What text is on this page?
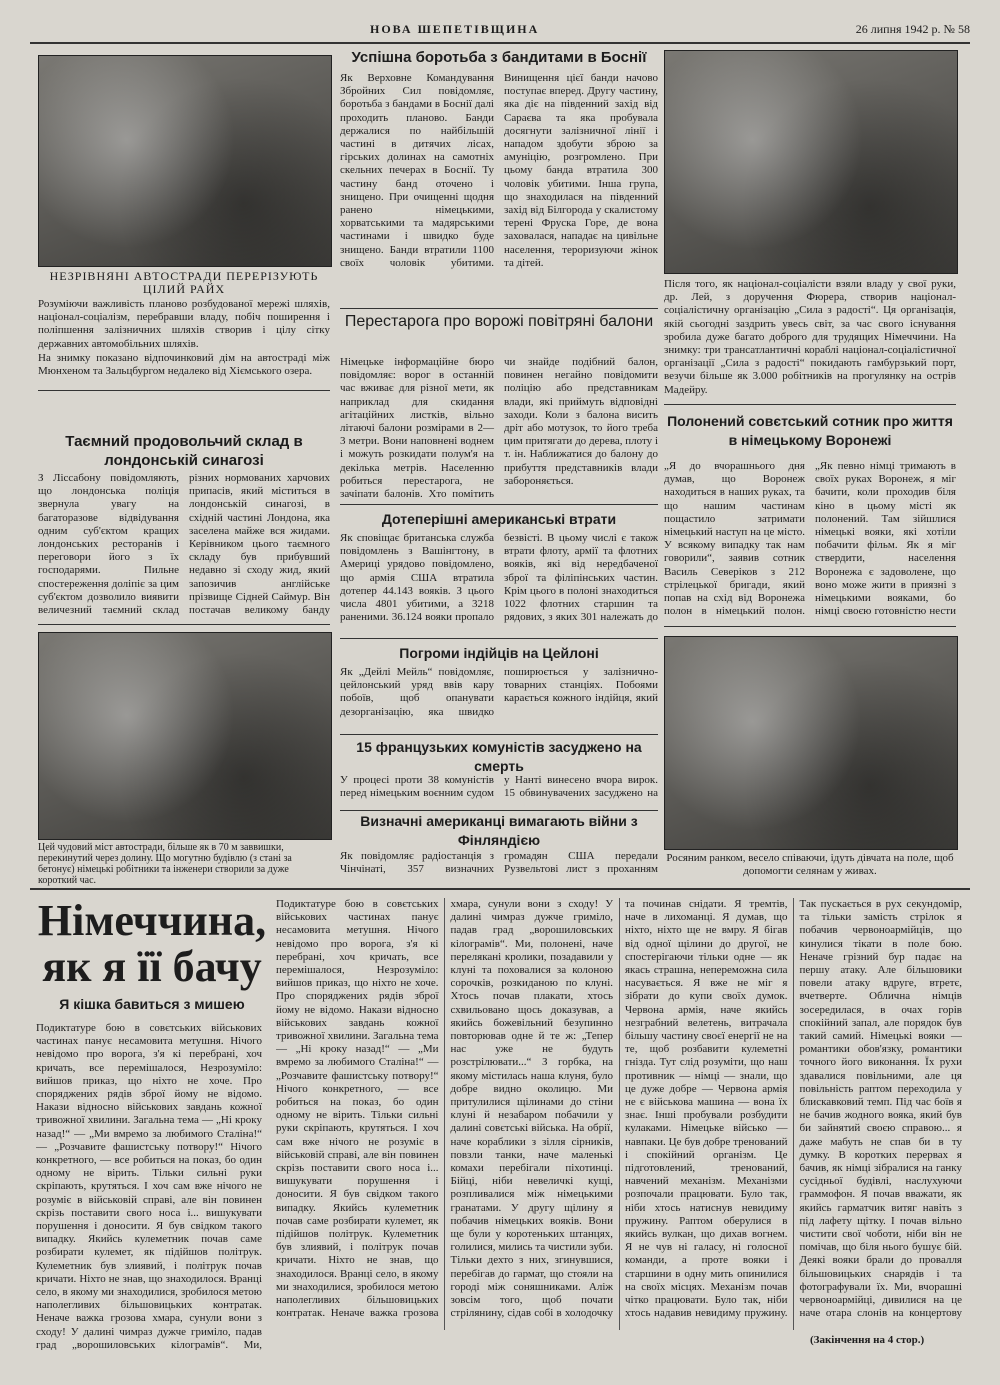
НОВА ШЕПЕТІВЩИНА	26 липня 1942 р. № 58
НЕЗРІВНЯНІ АВТОСТРАДИ ПЕРЕРІЗУЮТЬ ЦІЛИЙ РАЙХ
Розуміючи важливість планово розбудованої мережі шляхів, націонал-соціалізм, перебравши владу, побіч поширення і поліпшення залізничних шляхів створив і цілу сітку державних автомобільних шляхів.
На знимку показано відпочинковий дім на автостраді між Мюнхеном та Зальцбургом недалеко від Хіємського озера.
Успішна боротьба з бандитами в Боснії
Як Верховне Командування Збройних Сил повідомляє, боротьба з бандами в Боснії далі проходить планово. Банди держалися по найбільшій частині в дитячих лісах, гірських долинах на самотніх скельних печерах в Боснії. Ту частину банд оточено і знищено. При очищенні щодня ранено німецькими, хорватськими та мадярськими частинами і швидко буде знищено. Банди втратили 1100 своїх чоловік убитими. Винищення цієї банди начово поступає вперед. Другу частину, яка діє на південний захід від Сараєва та яка пробувала досягнути залізничної лінії і нападом здобути зброю за амуніцію, розгромлено. При цьому банда втратила 300 чоловік убитими. Інша група, що знаходилася на південний захід від Білгорода у скалистому терені Фруска Горе, де вона заховалася, нападає на цивільне населення, тероризуючи жінок та дітей.
Перестарога про ворожі повітряні балони
Німецьке інформаційне бюро повідомляє: ворог в останній час вживає для різної мети, як наприклад для скидання агітаційних листків, вільно літаючі балони розмірами в 2—3 метри. Вони наповнені воднем і можуть розкидати полум'я на декілька метрів. Населенню робиться перестарога, не зачіпати балонів. Хто помітить чи знайде подібний балон, повинен негайно повідомити поліцію або представникам влади, які приймуть відповідні заходи. Коли з балона висить дріт або мотузок, то його треба цим притягати до дерева, плоту і т. ін. Наближатися до балону до прибуття представників влади забороняється.
Після того, як націонал-соціалісти взяли владу у свої руки, др. Лей, з доручення Фюрера, створив націонал-соціалістичну організацію „Сила з радості“. Ця організація, якій сьогодні заздрить увесь світ, за час свого існування зробила дуже багато доброго для трудящих Німеччини. На знимку: три трансатлантичні кораблі націонал-соціалістичної організації „Сила з радості“ покидають гамбурзький порт, везучи більше як 3.000 робітників на прогулянку на острів Мадейру.
Таємний продовольчий склад в лондонській синагозі
З Ліссабону повідомляють, що лондонська поліція звернула увагу на багаторазове відвідування одним суб'єктом кращих лондонських ресторанів і переговори його з їх господарями. Пильне спостереження доліпіє за цим суб'єктом дозволило виявити величезний таємний склад різних нормованих харчових припасів, який міститься в лондонській синагозі, в східній частині Лондона, яка заселена майже вся жидами. Керівником цього таємного складу був прибувший недавно зі сходу жид, який запозичив англійське прізвище Сідней Саймур. Він постачав великому банду
Дотеперішні американські втрати
Як сповіщає британська служба повідомлень з Вашінгтону, в Америці урядово повідомлено, що армія США втратила дотепер 44.143 вояків. З цього числа 4801 убитими, а 3218 раненими. 36.124 вояки пропало безвісті. В цьому числі є також втрати флоту, армії та флотних вояків, які від нередбаченої зброї та філіпінських частин. Крім цього в полоні знаходиться 1022 флотних старшин та рядових, з яких 301 належать до
Полонений совєтський сотник про життя в німецькому Воронежі
„Я до вчорашнього дня думав, що Воронеж находиться в наших руках, та що нашим частинам пощастило затримати німецький наступ на це місто. У всякому випадку так нам говорили“, заявив сотник Василь Северіков з 212 стрілецької бригади, який попав на схід від Воронежа полон в німецький полон. „Як певно німці тримають в своїх руках Воронеж, я міг бачити, коли проходив біля кіно в цьому місті як полонений. Там зійшлися німецькі вояки, які хотіли побачити фільм. Як я міг ствердити, населення Воронежа є задоволене, що воно може жити в приязні з німецькими вояками, бо німці своєю готовністю нести
Цей чудовий міст автостради, більше як в 70 м заввишки, перекинутий через долину. Що могутню будівлю (з стані за бетонує) німецькі робітники та інженери створили за дуже короткий час.
Погроми індійців на Цейлоні
Як „Дейлі Мейль“ повідомляє, цейлонський уряд ввів кару побоїв, щоб опанувати дезорганізацію, яка швидко поширюється у залізнично-товарних станціях. Побоями карається кожного індійця, який
15 французьких комуністів засуджено на смерть
У процесі проти 38 комуністів перед німецьким воєнним судом у Нанті винесено вчора вирок. 15 обвинувачених засуджено на
Визначні американці вимагають війни з Фінляндією
Як повідомляє радіостанція з Чінчінаті, 357 визначних громадян США передали Рузвельтові лист з проханням
Росяним ранком, весело співаючи, ідуть дівчата на поле, щоб допомогти селянам у живах.
Німеччина, як я її бачу
Я кішка бавиться з мишею
Подиктатуре бою в совєтських військових частинах панує несамовита метушня. Нічого невідомо про ворога, з'я кі перебрані, хоч кричать, все перемішалося, Незрозуміло: вийшов приказ, що ніхто не хоче. Про споряджених рядів зброї йому не відомо. Накази відносно військових завдань кожної тривожної хвилини. Загальна тема — „Ні кроку назад!“ — „Ми вмремо за любимого Сталіна!“ — „Розчавите фашистську потвору!“ Нічого конкретного, — все робиться на показ, бо один одному не вірить. Тільки сильні руки скріпають, крутяться. І хоч сам вже нічого не розуміє в військовій справі, але він повинен скрізь поставити свого носа і... вишукувати порушення і доносити. Я був свідком такого випадку. Якийсь кулеметник почав саме розбирати кулемет, як підійшов політрук. Кулеметник був злиявий, і політрук почав кричати. Ніхто не знав, що знаходилося. Вранці село, в якому ми знаходилися, зробилося метою наполегливих більшовицьких контратак. Неначе важка грозова хмара, сунули вони з сходу! У далині чимраз дужче гриміло, падав град „ворошиловських кілограмів“. Ми,
Подиктатуре бою в совєтських військових частинах панує несамовита метушня. Нічого невідомо про ворога, з'я кі перебрані, хоч кричать, все перемішалося, Незрозуміло: вийшов приказ, що ніхто не хоче. Про споряджених рядів зброї йому не відомо. Накази відносно військових завдань кожної тривожної хвилини. Загальна тема — „Ні кроку назад!“ — „Ми вмремо за любимого Сталіна!“ — „Розчавите фашистську потвору!“ Нічого конкретного, — все робиться на показ, бо один одному не вірить. Тільки сильні руки скріпають, крутяться. І хоч сам вже нічого не розуміє в військовій справі, але він повинен скрізь поставити свого носа і... вишукувати порушення і доносити. Я був свідком такого випадку. Якийсь кулеметник почав саме розбирати кулемет, як підійшов політрук. Кулеметник був злиявий, і політрук почав кричати. Ніхто не знав, що знаходилося. Вранці село, в якому ми знаходилися, зробилося метою наполегливих більшовицьких контратак. Неначе важка грозова хмара, сунули вони з сходу! У далині чимраз дужче гриміло, падав град „ворошиловських кілограмів“. Ми, полонені, наче перелякані кролики, позадавили у клуні та поховалися за колоною сорочків, розкиданою по клуні. Хтось почав плакати, хтось схвильовано щось доказував, а якийсь божевільний безупинно повторював одне й те ж: „Тепер нас уже не будуть розстрілювати...“ З горбка, на якому містилась наша клуня, було добре видно околицю. Ми притулилися щілинами до стіни клуні й незабаром побачили у далині совєтські війська. На обрії, наче кораблики з зілля сірників, повзли танки, наче маленькі комахи перебігали піхотинці. Бійці, ніби невеличкі кущі, розпливалися між німецькими гранатами. У другу щілину я побачив німецьких вояків. Вони ще були у коротеньких штанцях, голилися, мились та чистили зуби. Тільки дехто з них, згинувшися, перебігав до гармат, що стояли на городі між соняшниками. Аліж зовсім того, щоб почати стрілянину, сідав собі в холодочку та починав снідати. Я тремтів, наче в лихоманці. Я думав, що ніхто, ніхто ще не вмру. Я бігав від одної щілини до другої, не спостерігаючи тільки одне — як якась страшна, непереможна сила насувається. Я вже не міг я зібрати до купи своїх думок. Червона армія, наче якийсь незграбний велетень, витрачала більшу частину своєї енергії не на те, щоб розбавити кулеметні гнізда. Тут слід розуміти, що наш противник — німці — знали, що це дуже добре — Червона армія не є військова машина — вона їх знає. Інші пробували розбудити кулаками. Німецьке військо — навпаки. Це був добре тренований і спокійний організм. Це підготовлений, тренований, навчений механізм. Механізми розпочали працювати. Було так, ніби хтось натиснув невидиму пружину. Раптом оберулися в якийсь вулкан, що дихав вогнем. Я не чув ні галасу, ні голосної команди, а проте вояки і старшини в одну мить опинилися на своїх місцях. Механізм почав чітко працювати. Було так, ніби хтось надавив невидиму пружину. Так пускається в рух секундомір, та тільки замість стрілок я побачив червоноармійців, що кинулися тікати в поле бою. Неначе грізний бур падає на першу атаку. Але більшовики повели атаку вдруге, втретє, вчетверте. Облична німців зосередилася, в очах горів спокійний запал, але порядок був такий самий. Німецькі вояки — романтики обов'язку, романтики точного його виконання. Їх рухи здавалися повільними, але ця повільність раптом переходила у блискавковий темп. Під час боїв я не бачив жодного вояка, який був би зайнятий своєю справою... я даже мабуть не спав би в ту думку. В коротких перервах я бачив, як німці зібралися на ганку сусідньої будівлі, наслухуючи граммофон. Я почав вважати, як якийсь гарматчик витяг навіть з під лафету щітку. І почав вільно чистити свої чоботи, ніби він не помічав, що біля нього бушує бій. Деякі вояки брали до провалля більшовицьких снарядів і та фотографували їх. Ми, вчорашні червоноармійці, дивилися на це наче отара слонів на концертову
(Закінчення на 4 стор.)
